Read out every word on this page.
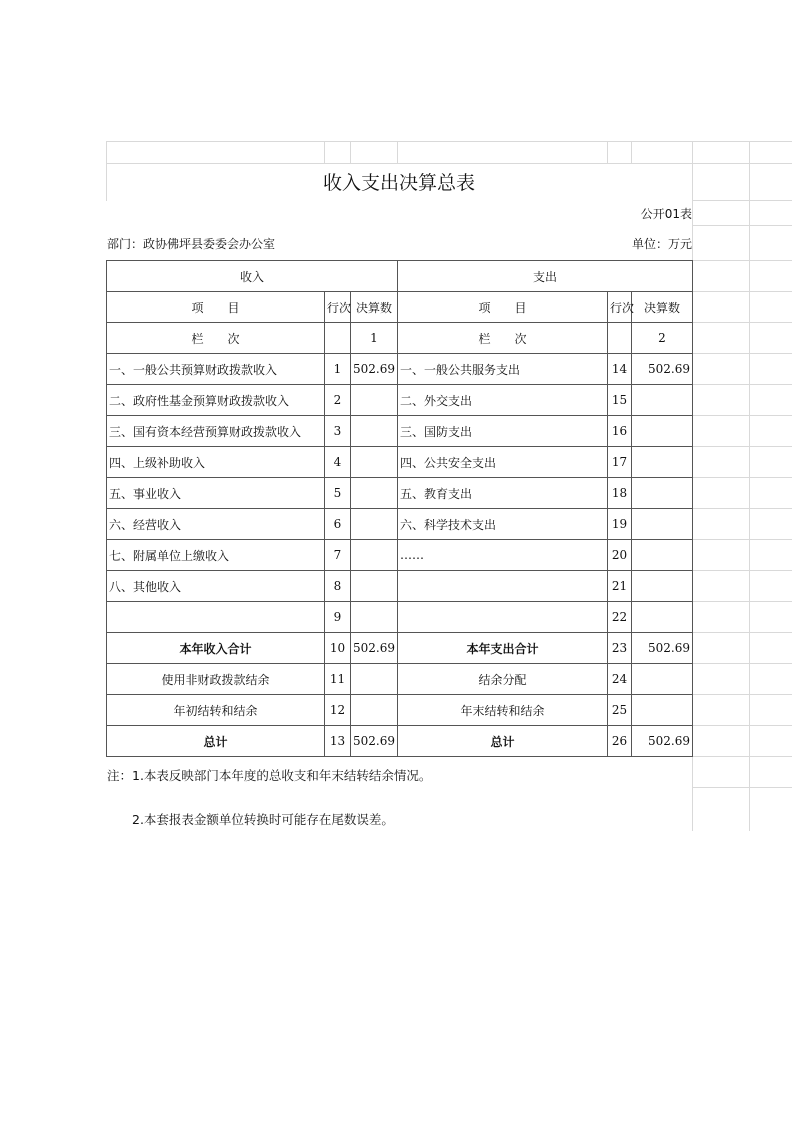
收入支出决算总表
公开01表
部门：政协佛坪县委委会办公室	单位：万元
收入			支出		
项　　目	行次	决算数	项　　目	行次	决算数
栏　　次		1	栏　　次		2
一、一般公共预算财政拨款收入	1	502.69	一、一般公共服务支出	14	502.69
二、政府性基金预算财政拨款收入	2		二、外交支出	15	
三、国有资本经营预算财政拨款收入	3		三、国防支出	16	
四、上级补助收入	4		四、公共安全支出	17	
五、事业收入	5		五、教育支出	18	
六、经营收入	6		六、科学技术支出	19	
七、附属单位上缴收入	7		……	20	
八、其他收入	8			21	
	9			22	
本年收入合计	10	502.69	本年支出合计	23	502.69
使用非财政拨款结余	11		结余分配	24	
年初结转和结余	12		年末结转和结余	25	
总计	13	502.69	总计	26	502.69
注：1.本表反映部门本年度的总收支和年末结转结余情况。
2.本套报表金额单位转换时可能存在尾数误差。
